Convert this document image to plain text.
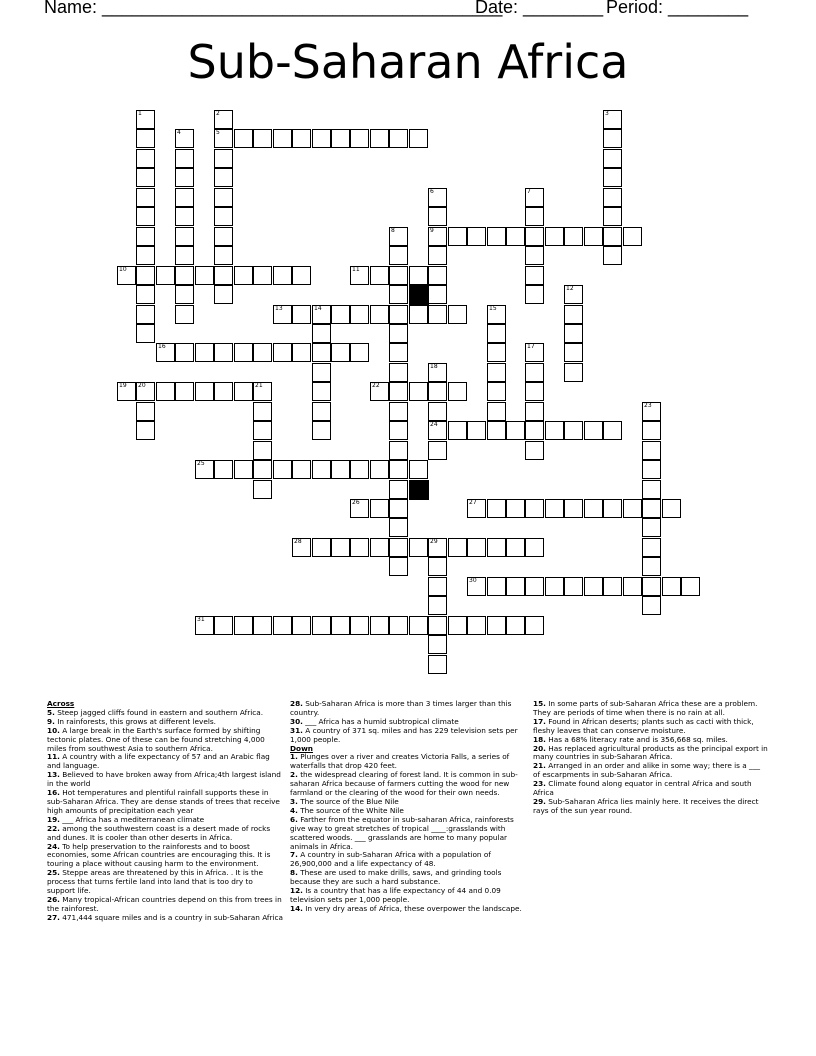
Name: ________________________________________
Date: ________ Period: ________
Sub-Saharan Africa
1	2	3
4	5
6	7
8	9
10	11
12
13	14	15
16	17
18
19 20	21	22
23
24
25
26	27
28	29
30
31
Across
5. Steep jagged cliffs found in eastern and southern Africa.
9. In rainforests, this grows at different levels.
10. A large break in the Earth's surface formed by shifting tectonic plates. One of these can be found stretching 4,000 miles from southwest Asia to southern Africa.
11. A country with a life expectancy of 57 and an Arabic flag and language.
13. Believed to have broken away from Africa;4th largest island in the world
16. Hot temperatures and plentiful rainfall supports these in sub-Saharan Africa. They are dense stands of trees that receive high amounts of precipitation each year
19. ___ Africa has a mediterranean climate
22. among the southwestern coast is a desert made of rocks and dunes. It is cooler than other deserts in Africa.
24. To help preservation to the rainforests and to boost economies, some African countries are encouraging this. It is touring a place without causing harm to the environment.
25. Steppe areas are threatened by this in Africa. . It is the process that turns fertile land into land that is too dry to support life.
26. Many tropical-African countries depend on this from trees in the rainforest.
27. 471,444 square miles and is a country in sub-Saharan Africa
28. Sub-Saharan Africa is more than 3 times larger than this country.
30. ___ Africa has a humid subtropical climate
31. A country of 371 sq. miles and has 229 television sets per 1,000 people.
Down
1. Plunges over a river and creates Victoria Falls, a series of waterfalls that drop 420 feet.
2. the widespread clearing of forest land. It is common in sub-saharan Africa because of farmers cutting the wood for new farmland or the clearing of the wood for their own needs.
3. The source of the Blue Nile
4. The source of the White Nile
6. Farther from the equator in sub-saharan Africa, rainforests give way to great stretches of tropical ____:grasslands with scattered woods. ___ grasslands are home to many popular animals in Africa.
7. A country in sub-Saharan Africa with a population of 26,900,000 and a life expectancy of 48.
8. These are used to make drills, saws, and grinding tools because they are such a hard substance.
12. Is a country that has a life expectancy of 44 and 0.09 television sets per 1,000 people.
14. In very dry areas of Africa, these overpower the landscape.
15. In some parts of sub-Saharan Africa these are a problem. They are periods of time when there is no rain at all.
17. Found in African deserts; plants such as cacti with thick, fleshy leaves that can conserve moisture.
18. Has a 68% literacy rate and is 356,668 sq. miles.
20. Has replaced agricultural products as the principal export in many countries in sub-Saharan Africa.
21. Arranged in an order and alike in some way; there is a ___ of escarpments in sub-Saharan Africa.
23. Climate found along equator in central Africa and south Africa
29. Sub-Saharan Africa lies mainly here. It receives the direct rays of the sun year round.
